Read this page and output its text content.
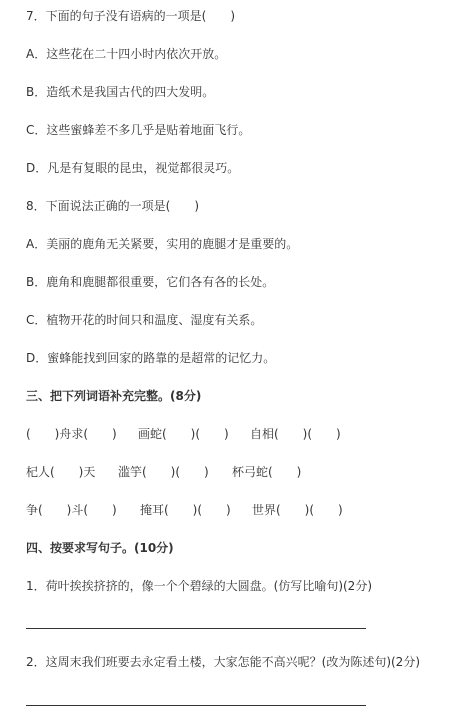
7．下面的句子没有语病的一项是(　　)
A．这些花在二十四小时内依次开放。
B．造纸术是我国古代的四大发明。
C．这些蜜蜂差不多几乎是贴着地面飞行。
D．凡是有复眼的昆虫，视觉都很灵巧。
8．下面说法正确的一项是(　　)
A．美丽的鹿角无关紧要，实用的鹿腿才是重要的。
B．鹿角和鹿腿都很重要，它们各有各的长处。
C．植物开花的时间只和温度、湿度有关系。
D．蜜蜂能找到回家的路靠的是超常的记忆力。
三、把下列词语补充完整。(8分)
(　　)舟求(　　) 画蛇(　　)(　　) 自相(　　)(　　)
杞人(　　)天 滥竽(　　)(　　) 杯弓蛇(　　)
争(　　)斗(　　) 掩耳(　　)(　　) 世界(　　)(　　)
四、按要求写句子。(10分)
1．荷叶挨挨挤挤的，像一个个碧绿的大圆盘。(仿写比喻句)(2分)
2．这周末我们班要去永定看土楼，大家怎能不高兴呢？(改为陈述句)(2分)
